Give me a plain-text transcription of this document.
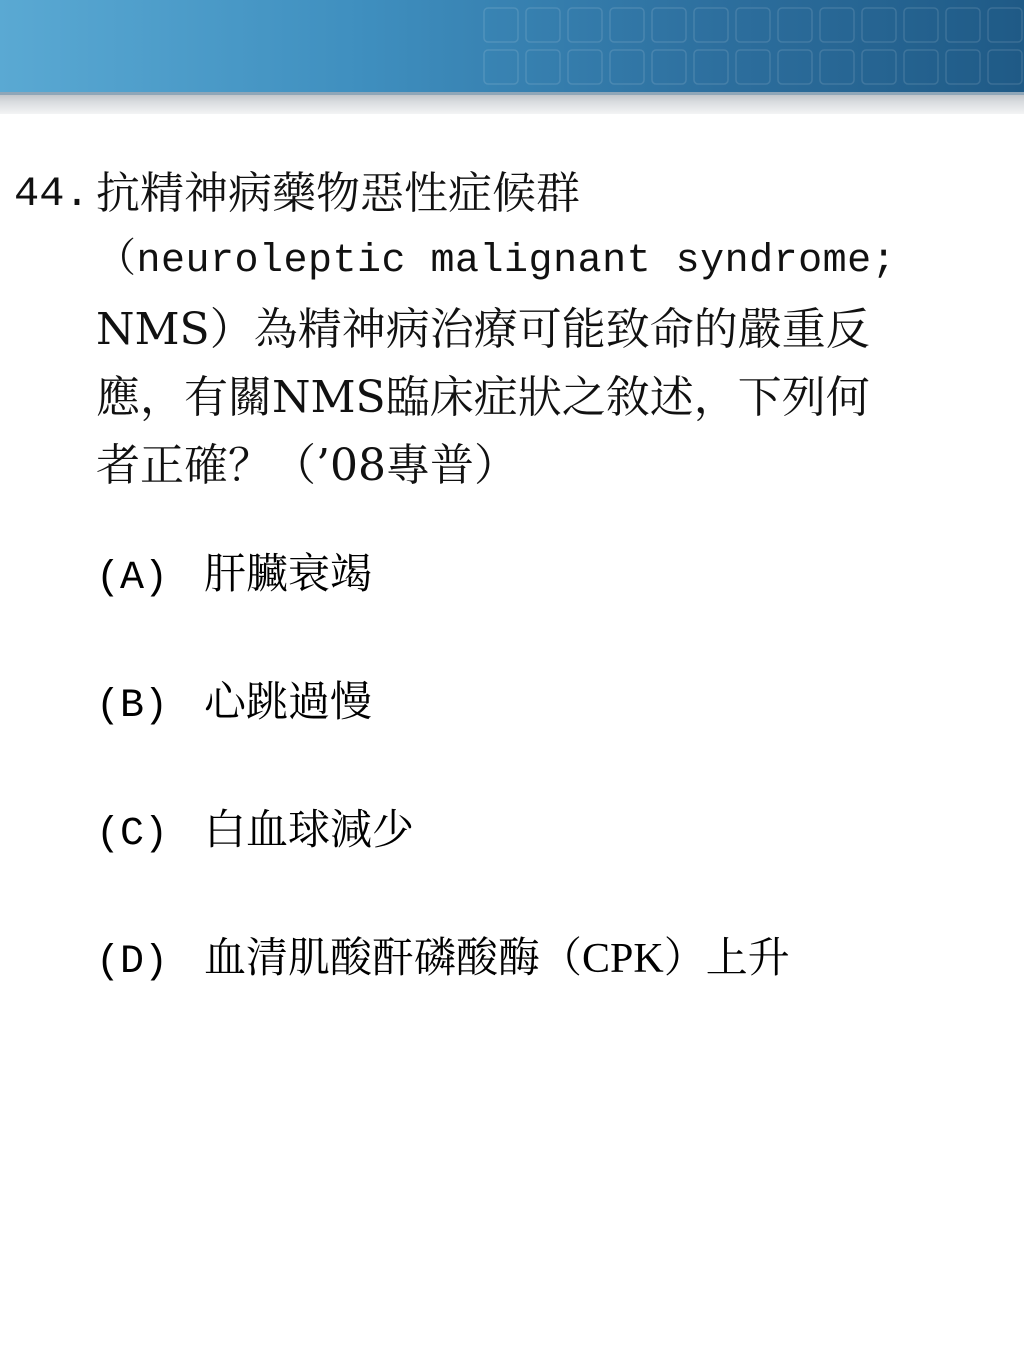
44. 抗精神病藥物惡性症候群
（neuroleptic malignant syndrome;
NMS）為精神病治療可能致命的嚴重反
應，有關NMS臨床症狀之敘述，下列何
者正確？（’08專普）
(A) 肝臟衰竭
(B) 心跳過慢
(C) 白血球減少
(D) 血清肌酸酐磷酸酶（CPK）上升
